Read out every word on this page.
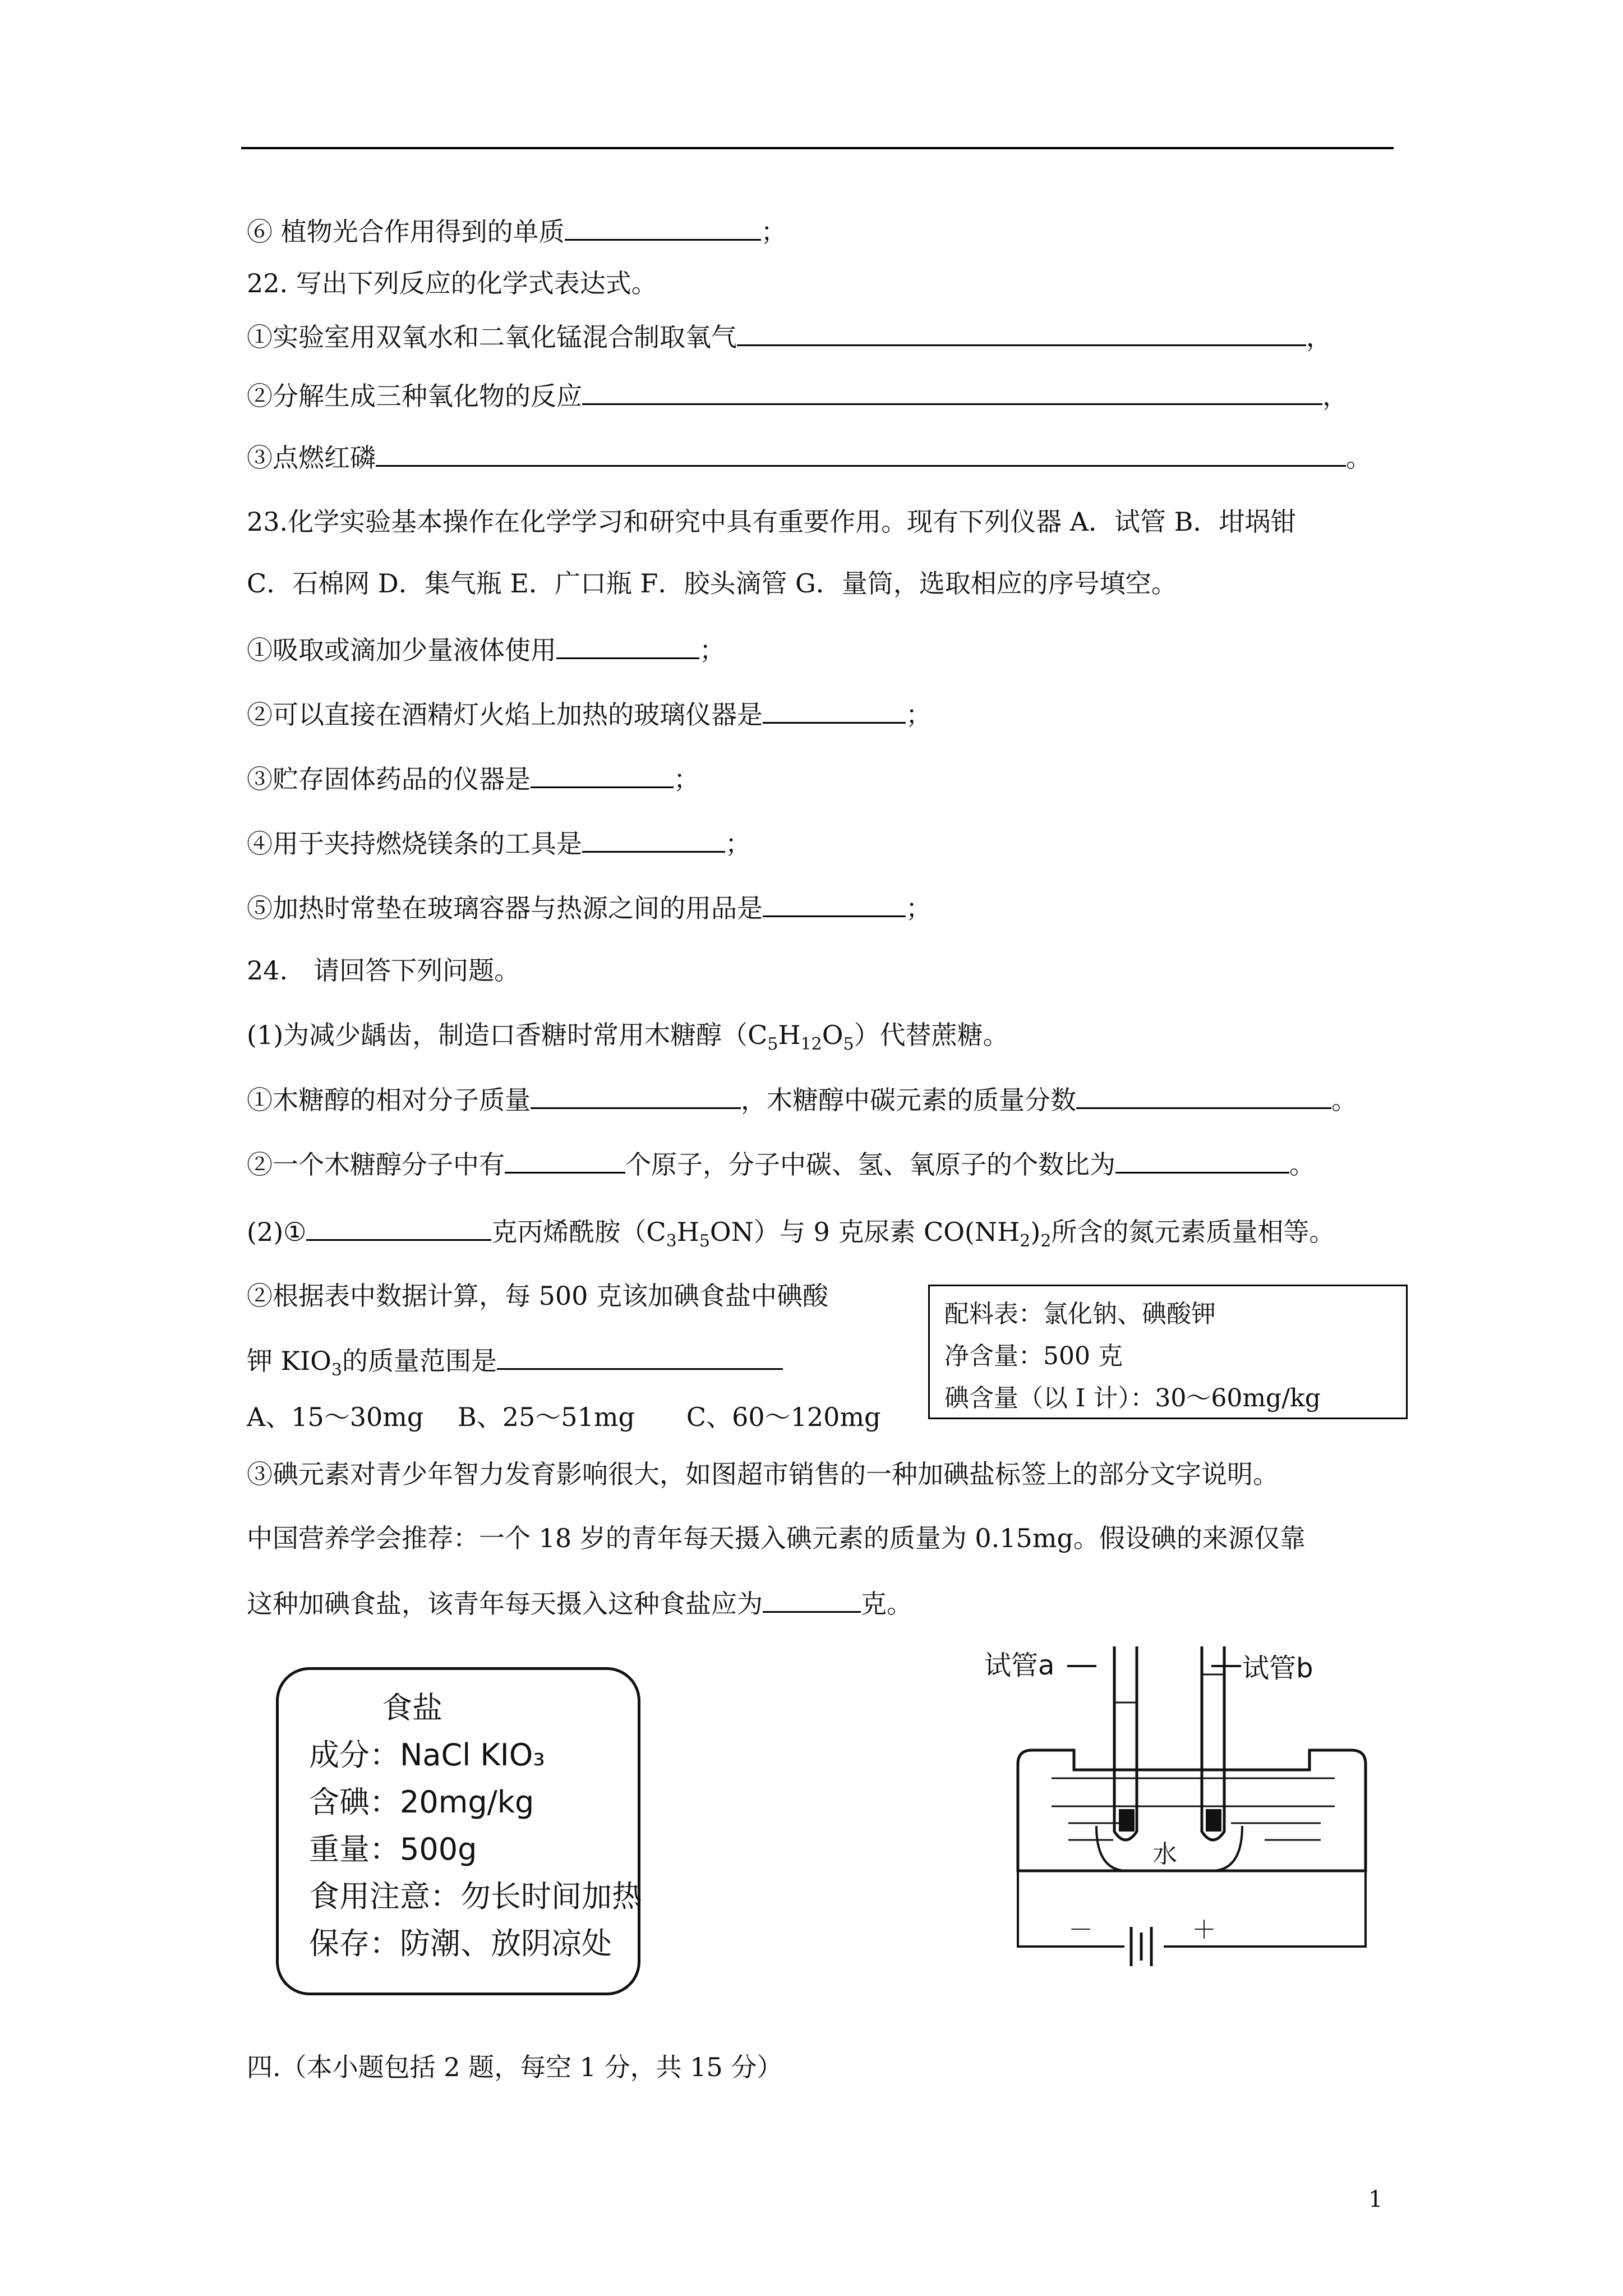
⑥ 植物光合作用得到的单质	；
22. 写出下列反应的化学式表达式。
①实验室用双氧水和二氧化锰混合制取氧气	，
②分解生成三种氧化物的反应	，
③点燃红磷	。
23.化学实验基本操作在化学学习和研究中具有重要作用。现有下列仪器 A．试管 B．坩埚钳
C．石棉网 D．集气瓶 E．广口瓶 F．胶头滴管 G．量筒，选取相应的序号填空。
①吸取或滴加少量液体使用	；
②可以直接在酒精灯火焰上加热的玻璃仪器是	；
③贮存固体药品的仪器是	；
④用于夹持燃烧镁条的工具是	；
⑤加热时常垫在玻璃容器与热源之间的用品是	；
24.　请回答下列问题。
(1)为减少龋齿，制造口香糖时常用木糖醇$(C_5H_{12}O_5)$代替蔗糖。
①木糖醇的相对分子质量	，木糖醇中碳元素的质量分数	。
②一个木糖醇分子中有	个原子，分子中碳、氢、氧原子的个数比为	。
(2)①	克丙烯酰胺$(C_3H_5ON)$与 9 克尿素 $CO(NH_2)_2$所含的氮元素质量相等。
②根据表中数据计算，每 500 克该加碘食盐中碘酸
钾 $KIO_3$的质量范围是
A、15～30mg　 B、25～51mg　　C、60～120mg
配料表：氯化钠、碘酸钾
净含量：500 克
碘含量（以 I 计）：30～60mg/kg
③碘元素对青少年智力发育影响很大，如图超市销售的一种加碘盐标签上的部分文字说明。
中国营养学会推荐：一个 18 岁的青年每天摄入碘元素的质量为 0.15mg。假设碘的来源仅靠
这种加碘食盐，该青年每天摄入这种食盐应为	克。
食盐
成分：NaCl KIO₃
含碘：20mg/kg
重量：500g
食用注意：勿长时间加热
保存：防潮、放阴凉处
试管a	试管b
水
－	＋
四.（本小题包括 2 题，每空 1 分，共 15 分）
1
